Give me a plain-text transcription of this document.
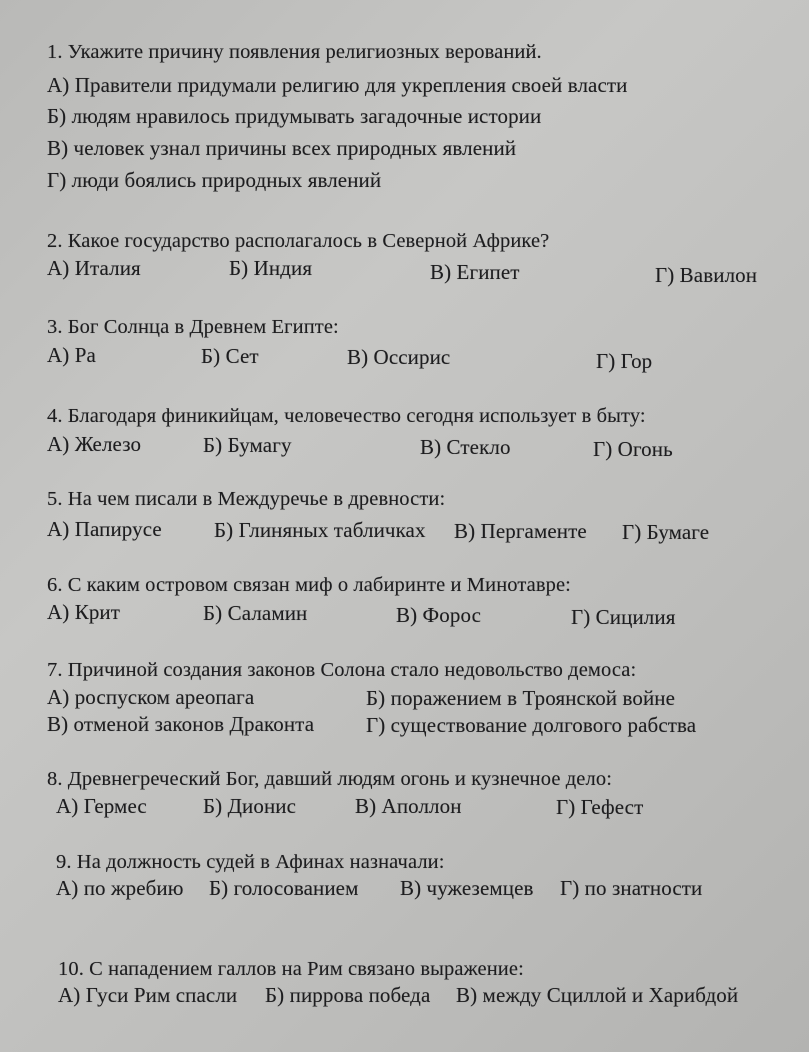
1. Укажите причину появления религиозных верований.
А) Правители придумали религию для укрепления своей власти
Б) людям нравилось придумывать загадочные истории
В) человек узнал причины всех природных явлений
Г) люди боялись природных явлений
2. Какое государство располагалось в Северной Африке?
А) Италия	Б) Индия	В) Египет	Г) Вавилон
3. Бог Солнца в Древнем Египте:
А) Ра	Б) Сет	В) Оссирис	Г) Гор
4. Благодаря финикийцам, человечество сегодня использует в быту:
А) Железо	Б) Бумагу	В) Стекло	Г) Огонь
5. На чем писали в Междуречье в древности:
А) Папирусе Б) Глиняных табличках В) Пергаменте Г) Бумаге
6. С каким островом связан миф о лабиринте и Минотавре:
А) Крит	Б) Саламин	В) Форос	Г) Сицилия
7. Причиной создания законов Солона стало недовольство демоса:
А) роспуском ареопага	Б) поражением в Троянской войне
В) отменой законов Драконта Г) существование долгового рабства
8. Древнегреческий Бог, давший людям огонь и кузнечное дело:
А) Гермес	Б) Дионис	В) Аполлон	Г) Гефест
9. На должность судей в Афинах назначали:
А) по жребию Б) голосованием В) чужеземцев Г) по знатности
10. С нападением галлов на Рим связано выражение:
А) Гуси Рим спасли Б) пиррова победа В) между Сциллой и Харибдой
